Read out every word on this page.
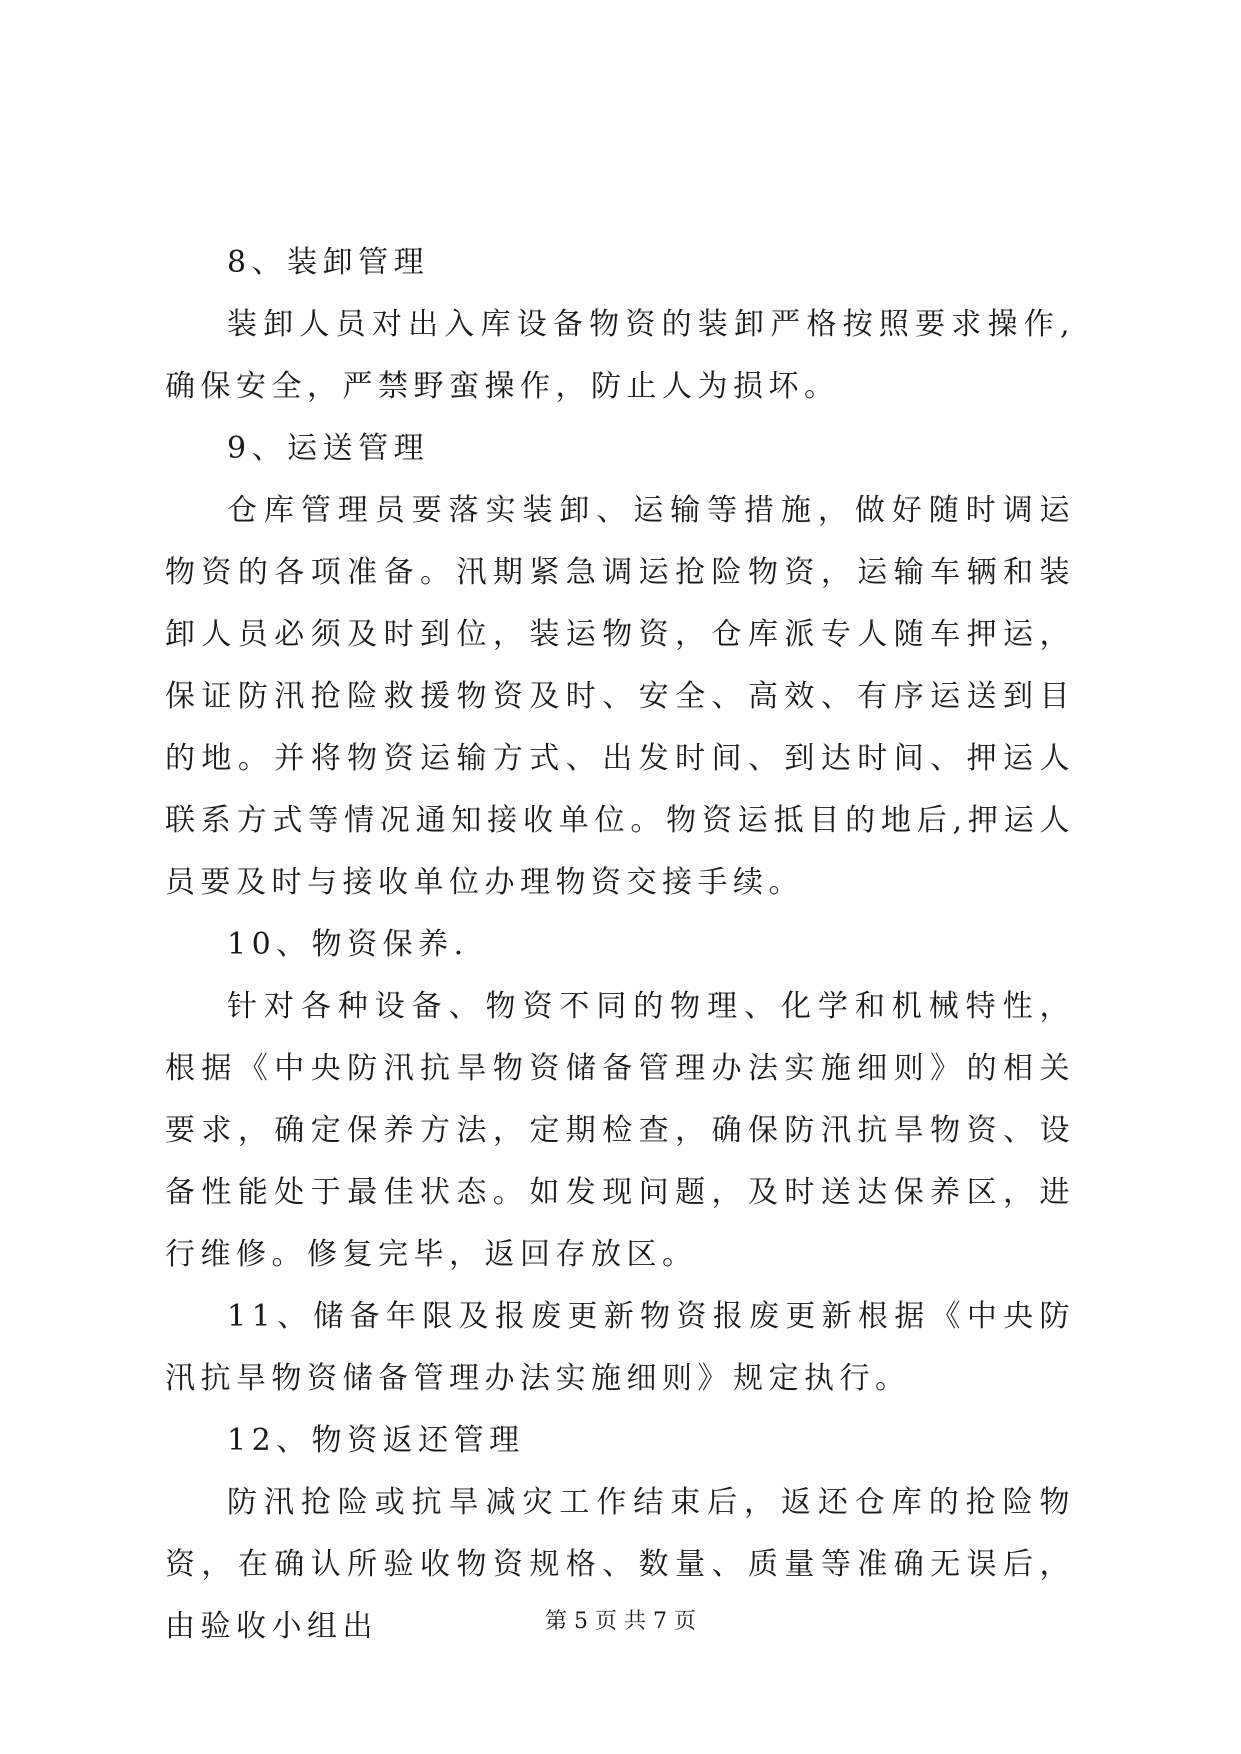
8、装卸管理

装卸人员对出入库设备物资的装卸严格按照要求操作,确保安全，严禁野蛮操作，防止人为损坏。

9、运送管理

仓库管理员要落实装卸、运输等措施，做好随时调运物资的各项准备。汛期紧急调运抢险物资，运输车辆和装卸人员必须及时到位，装运物资，仓库派专人随车押运，保证防汛抢险救援物资及时、安全、高效、有序运送到目的地。并将物资运输方式、出发时间、到达时间、押运人联系方式等情况通知接收单位。物资运抵目的地后,押运人员要及时与接收单位办理物资交接手续。

10、物资保养.

针对各种设备、物资不同的物理、化学和机械特性，根据《中央防汛抗旱物资储备管理办法实施细则》的相关要求，确定保养方法，定期检查，确保防汛抗旱物资、设备性能处于最佳状态。如发现问题，及时送达保养区，进行维修。修复完毕，返回存放区。

11、储备年限及报废更新物资报废更新根据《中央防汛抗旱物资储备管理办法实施细则》规定执行。

12、物资返还管理

防汛抢险或抗旱减灾工作结束后，返还仓库的抢险物资，在确认所验收物资规格、数量、质量等准确无误后，由验收小组出	第 5 页 共 7 页
